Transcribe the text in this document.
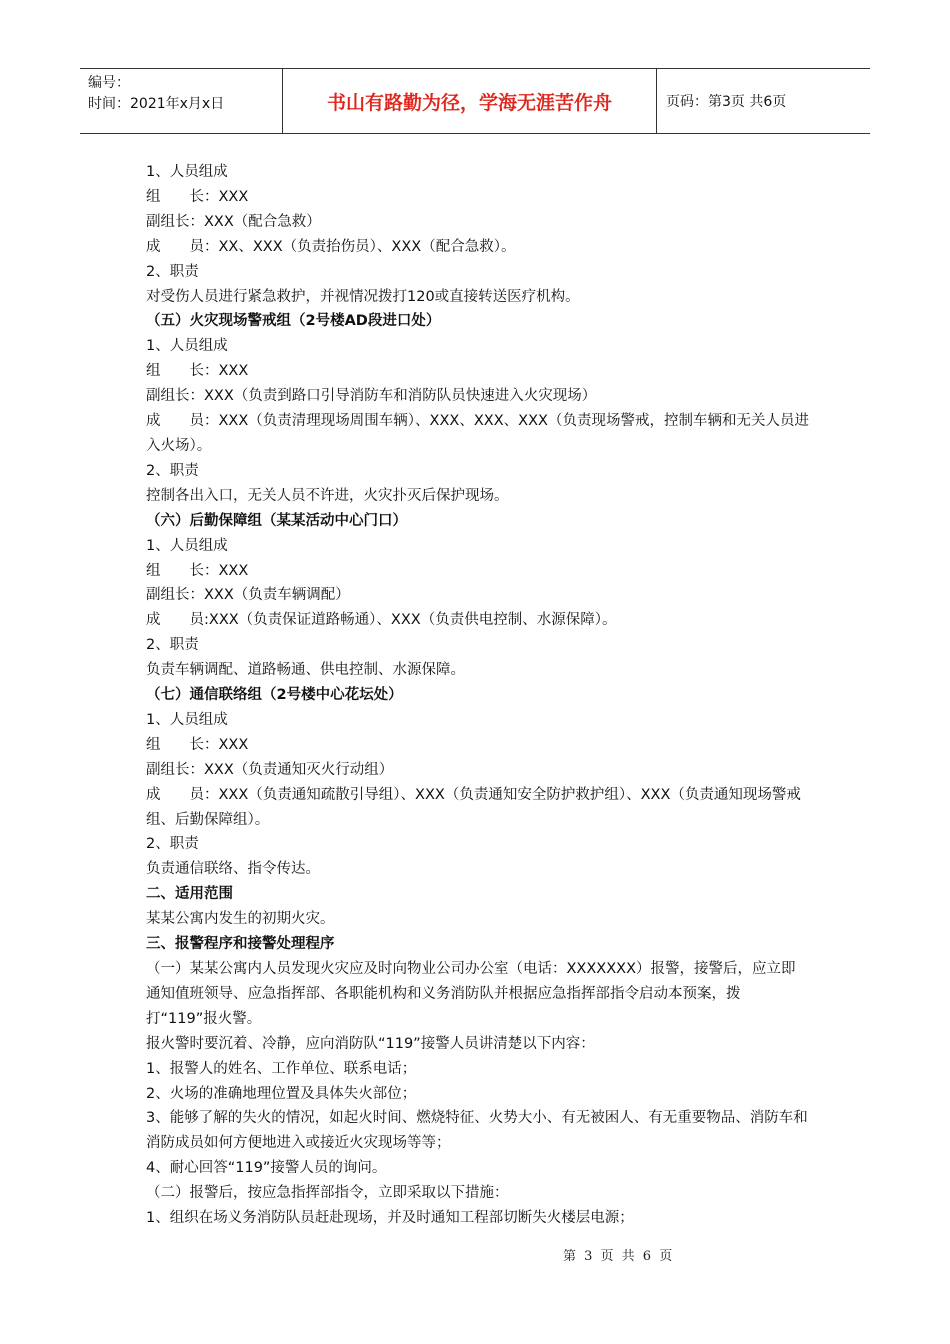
编号：
时间：2021年x月x日	书山有路勤为径，学海无涯苦作舟	页码：第3页 共6页

1、人员组成

组　　长：XXX

副组长：XXX（配合急救）

成　　员：XX、XXX（负责抬伤员）、XXX（配合急救）。

2、职责

对受伤人员进行紧急救护，并视情况拨打120或直接转送医疗机构。

（五）火灾现场警戒组（2号楼AD段进口处）

1、人员组成

组　　长：XXX

副组长：XXX（负责到路口引导消防车和消防队员快速进入火灾现场）

成　　员：XXX（负责清理现场周围车辆）、XXX、XXX、XXX（负责现场警戒，控制车辆和无关人员进入火场）。

2、职责

控制各出入口，无关人员不许进，火灾扑灭后保护现场。

（六）后勤保障组（某某活动中心门口）

1、人员组成

组　　长：XXX

副组长：XXX（负责车辆调配）

成　　员:XXX（负责保证道路畅通）、XXX（负责供电控制、水源保障）。

2、职责

负责车辆调配、道路畅通、供电控制、水源保障。

（七）通信联络组（2号楼中心花坛处）

1、人员组成

组　　长：XXX

副组长：XXX（负责通知灭火行动组）

成　　员：XXX（负责通知疏散引导组）、XXX（负责通知安全防护救护组）、XXX（负责通知现场警戒组、后勤保障组）。

2、职责

负责通信联络、指令传达。

二、适用范围

某某公寓内发生的初期火灾。

三、报警程序和接警处理程序

（一）某某公寓内人员发现火灾应及时向物业公司办公室（电话：XXXXXXX）报警，接警后，应立即通知值班领导、应急指挥部、各职能机构和义务消防队并根据应急指挥部指令启动本预案，拨打“119”报火警。

报火警时要沉着、冷静，应向消防队“119”接警人员讲清楚以下内容：

1、报警人的姓名、工作单位、联系电话；

2、火场的准确地理位置及具体失火部位；

3、能够了解的失火的情况，如起火时间、燃烧特征、火势大小、有无被困人、有无重要物品、消防车和消防成员如何方便地进入或接近火灾现场等等；

4、耐心回答“119”接警人员的询问。

（二）报警后，按应急指挥部指令，立即采取以下措施：

1、组织在场义务消防队员赶赴现场，并及时通知工程部切断失火楼层电源；

第 3 页 共 6 页
